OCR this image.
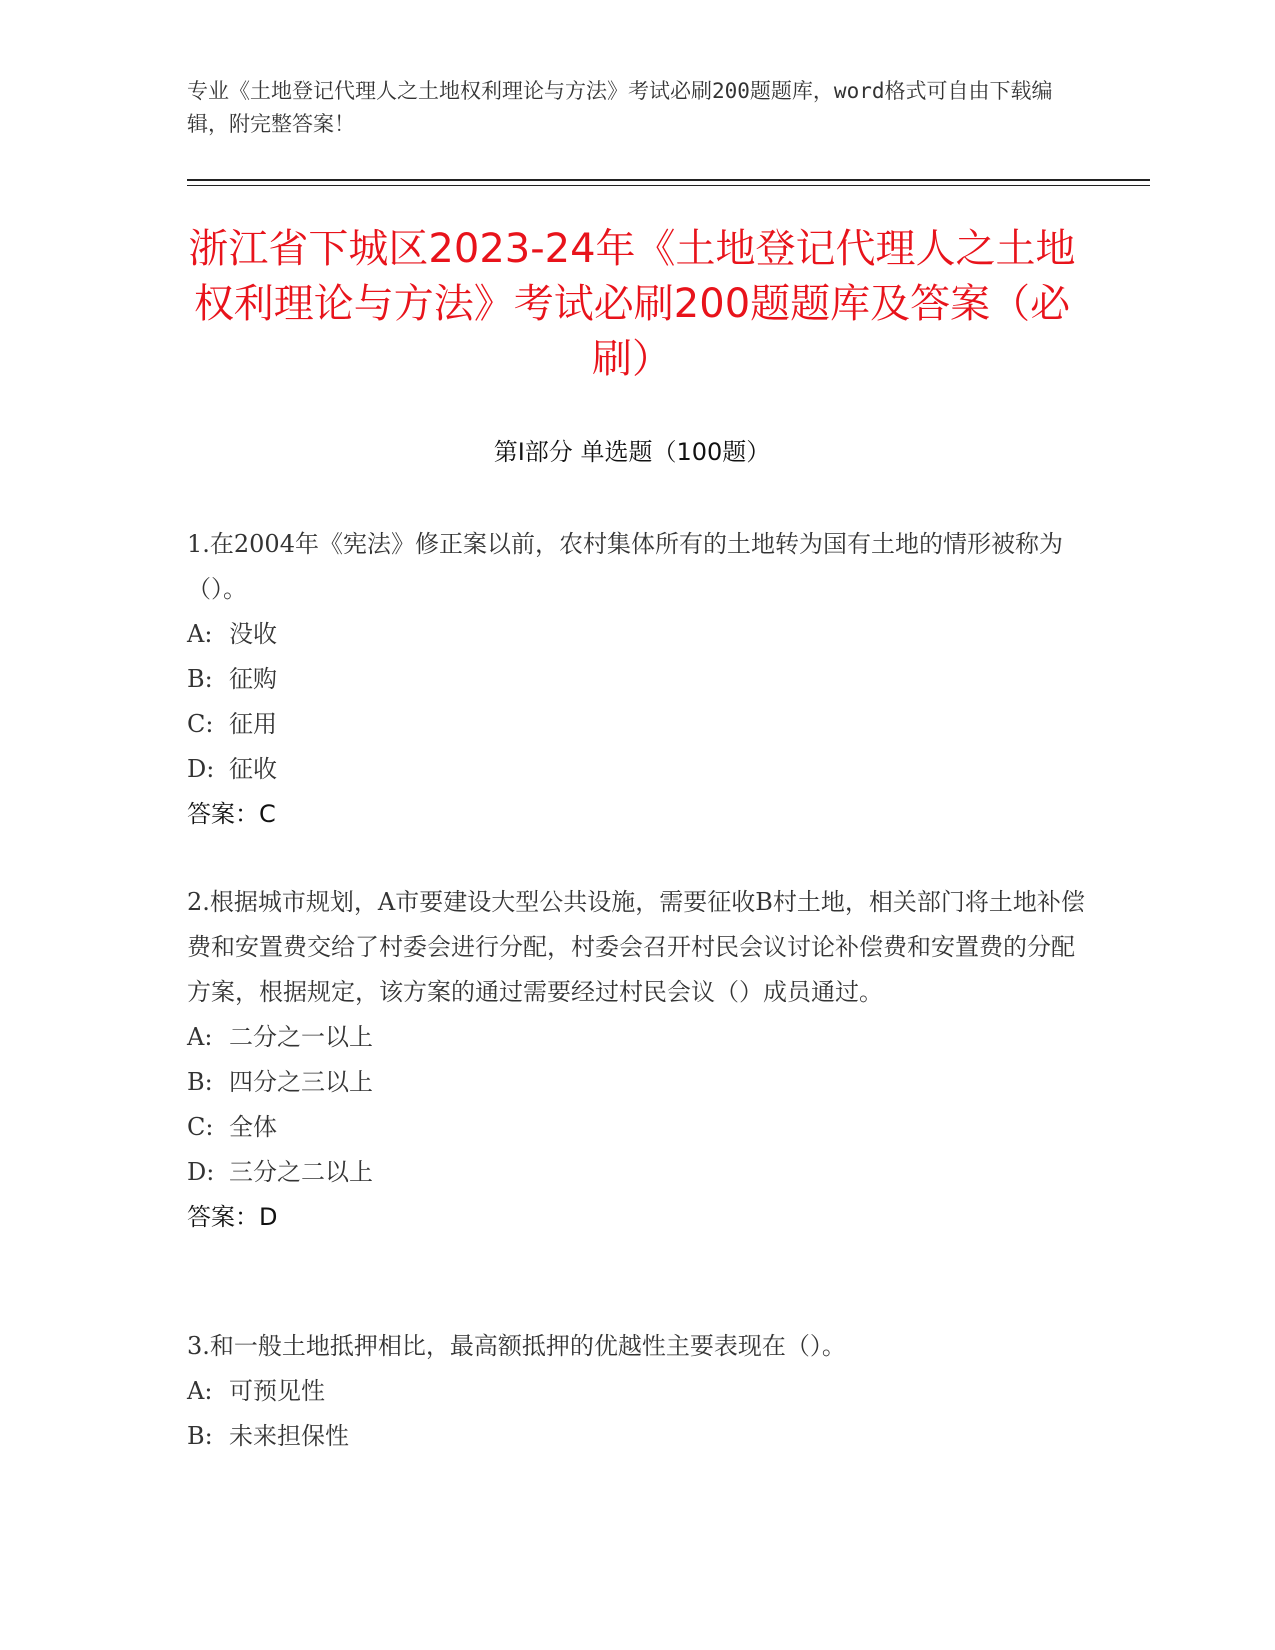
专业《土地登记代理人之土地权利理论与方法》考试必刷200题题库，word格式可自由下载编辑，附完整答案！
浙江省下城区2023-24年《土地登记代理人之土地权利理论与方法》考试必刷200题题库及答案（必刷）
第I部分 单选题（100题）

1.在2004年《宪法》修正案以前，农村集体所有的土地转为国有土地的情形被称为（）。

A: 没收
B: 征购
C: 征用
D: 征收

答案：C

2.根据城市规划，A市要建设大型公共设施，需要征收B村土地，相关部门将土地补偿费和安置费交给了村委会进行分配，村委会召开村民会议讨论补偿费和安置费的分配方案，根据规定，该方案的通过需要经过村民会议（）成员通过。

A: 二分之一以上
B: 四分之三以上
C: 全体
D: 三分之二以上

答案：D

3.和一般土地抵押相比，最高额抵押的优越性主要表现在（）。

A: 可预见性
B: 未来担保性
